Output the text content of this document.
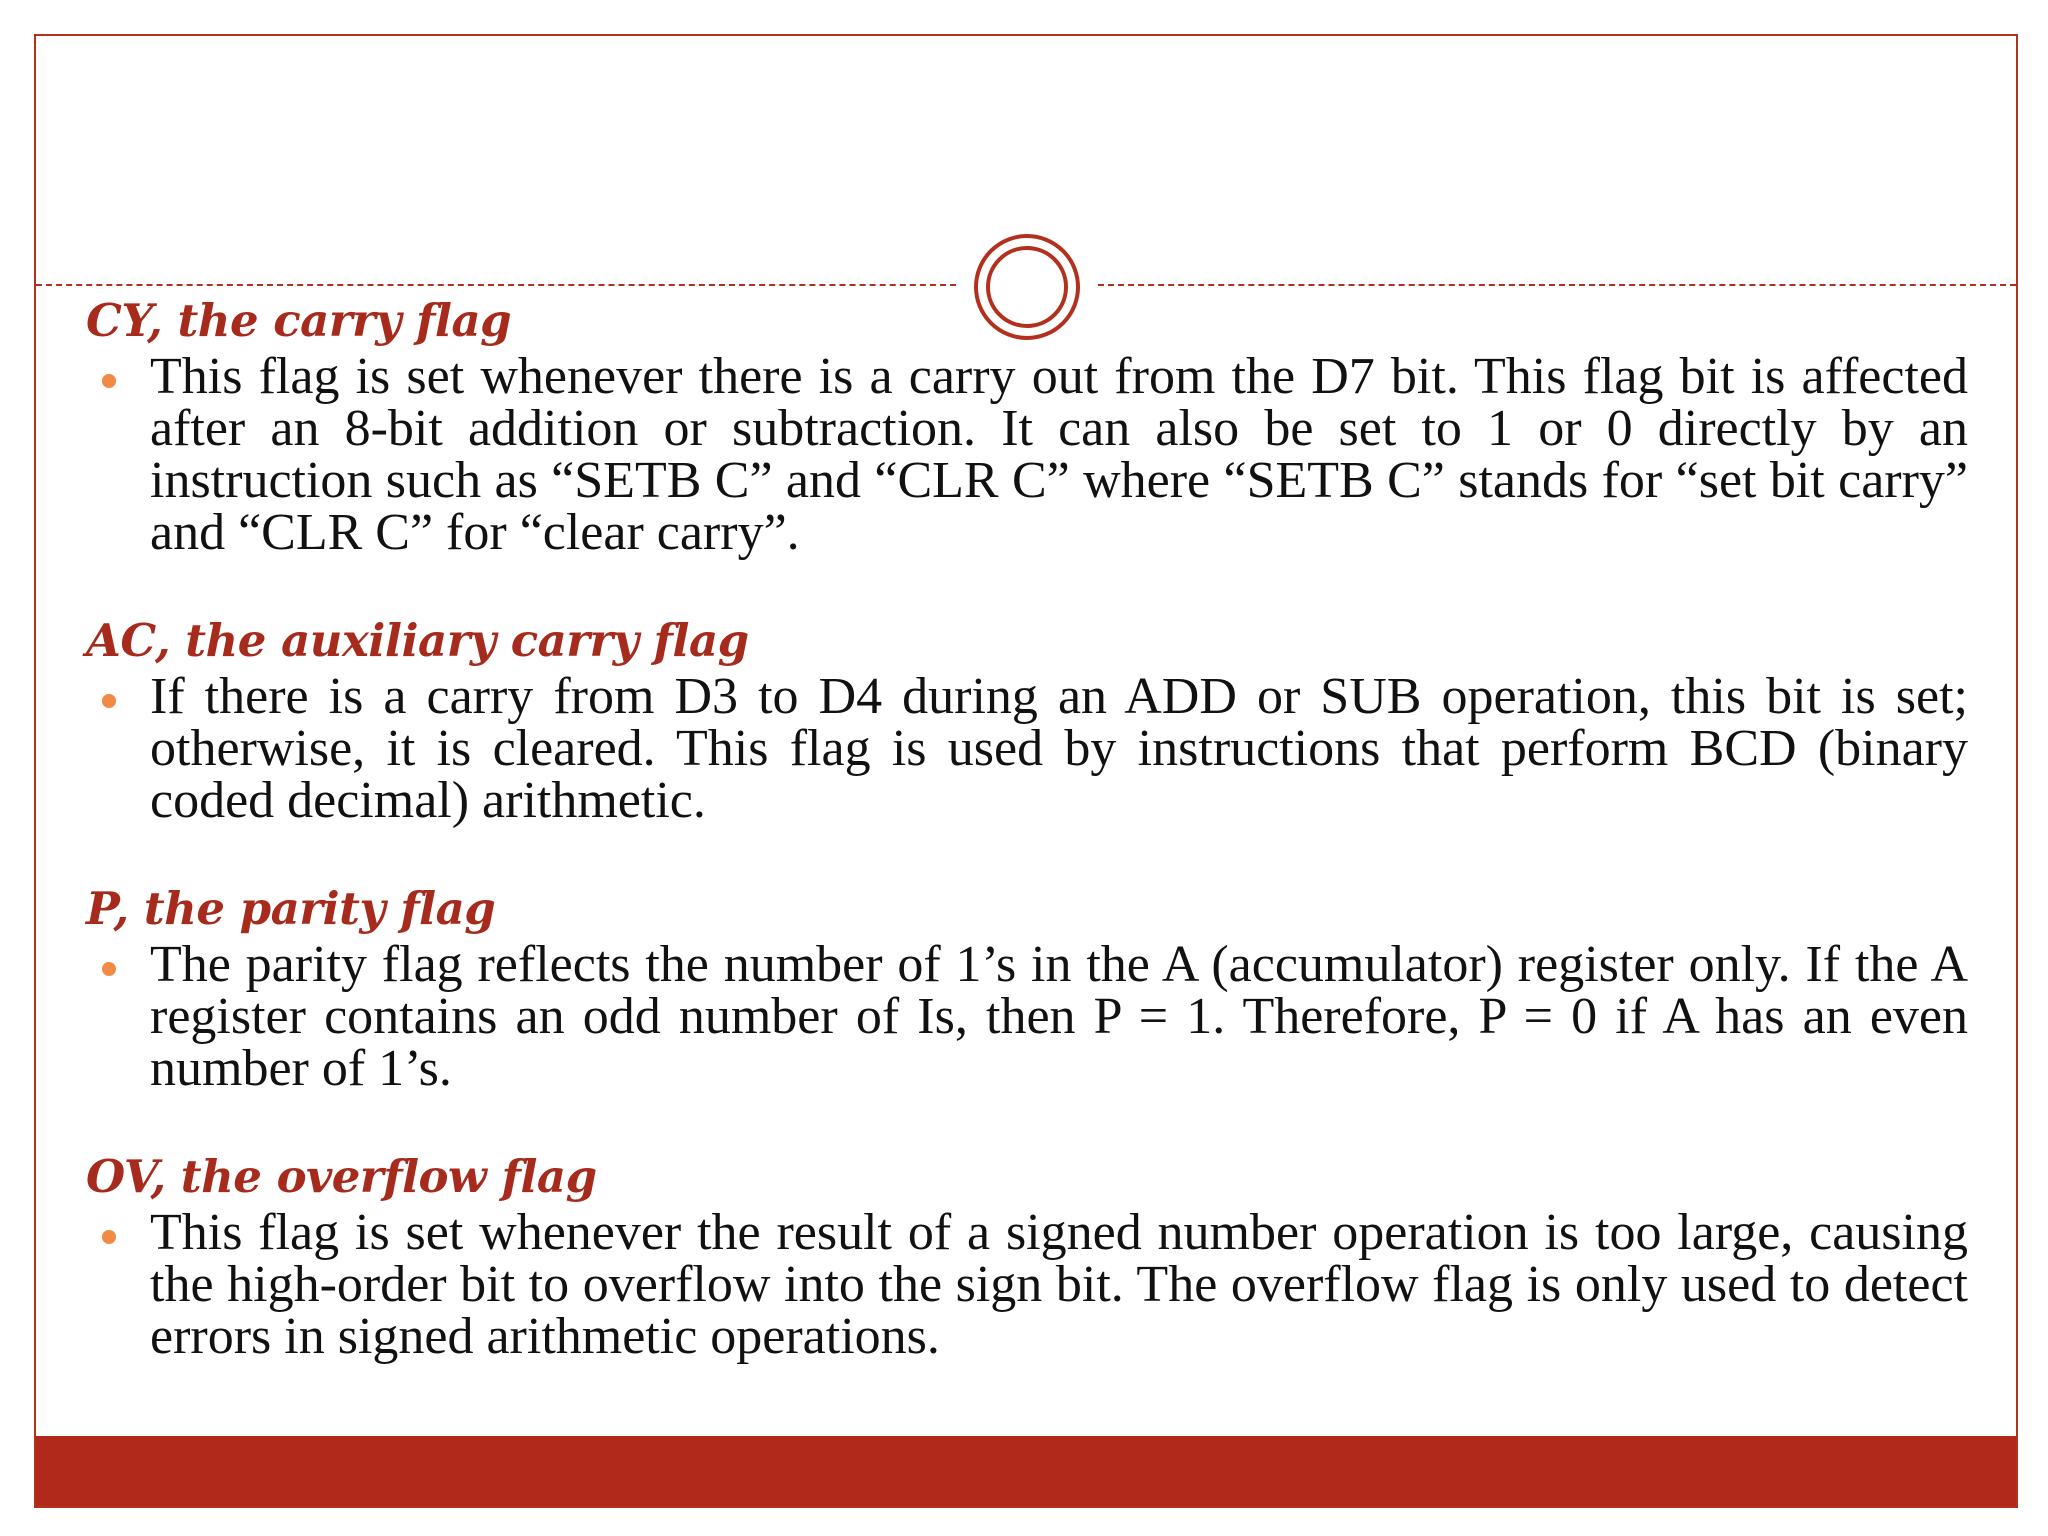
CY, the carry flag

This flag is set whenever there is a carry out from the D7 bit. This flag bit is affected after an 8-bit addition or subtraction. It can also be set to 1 or 0 directly by an instruction such as “SETB C” and “CLR C” where “SETB C” stands for “set bit carry” and “CLR C” for “clear carry”.

AC, the auxiliary carry flag

If there is a carry from D3 to D4 during an ADD or SUB operation, this bit is set; otherwise, it is cleared. This flag is used by instructions that perform BCD (binary coded decimal) arithmetic.

P, the parity flag

The parity flag reflects the number of 1’s in the A (accumulator) register only. If the A register contains an odd number of Is, then P = 1. Therefore, P = 0 if A has an even number of 1’s.

OV, the overflow flag

This flag is set whenever the result of a signed number operation is too large, causing the high-order bit to overflow into the sign bit. The overflow flag is only used to detect errors in signed arithmetic operations.
